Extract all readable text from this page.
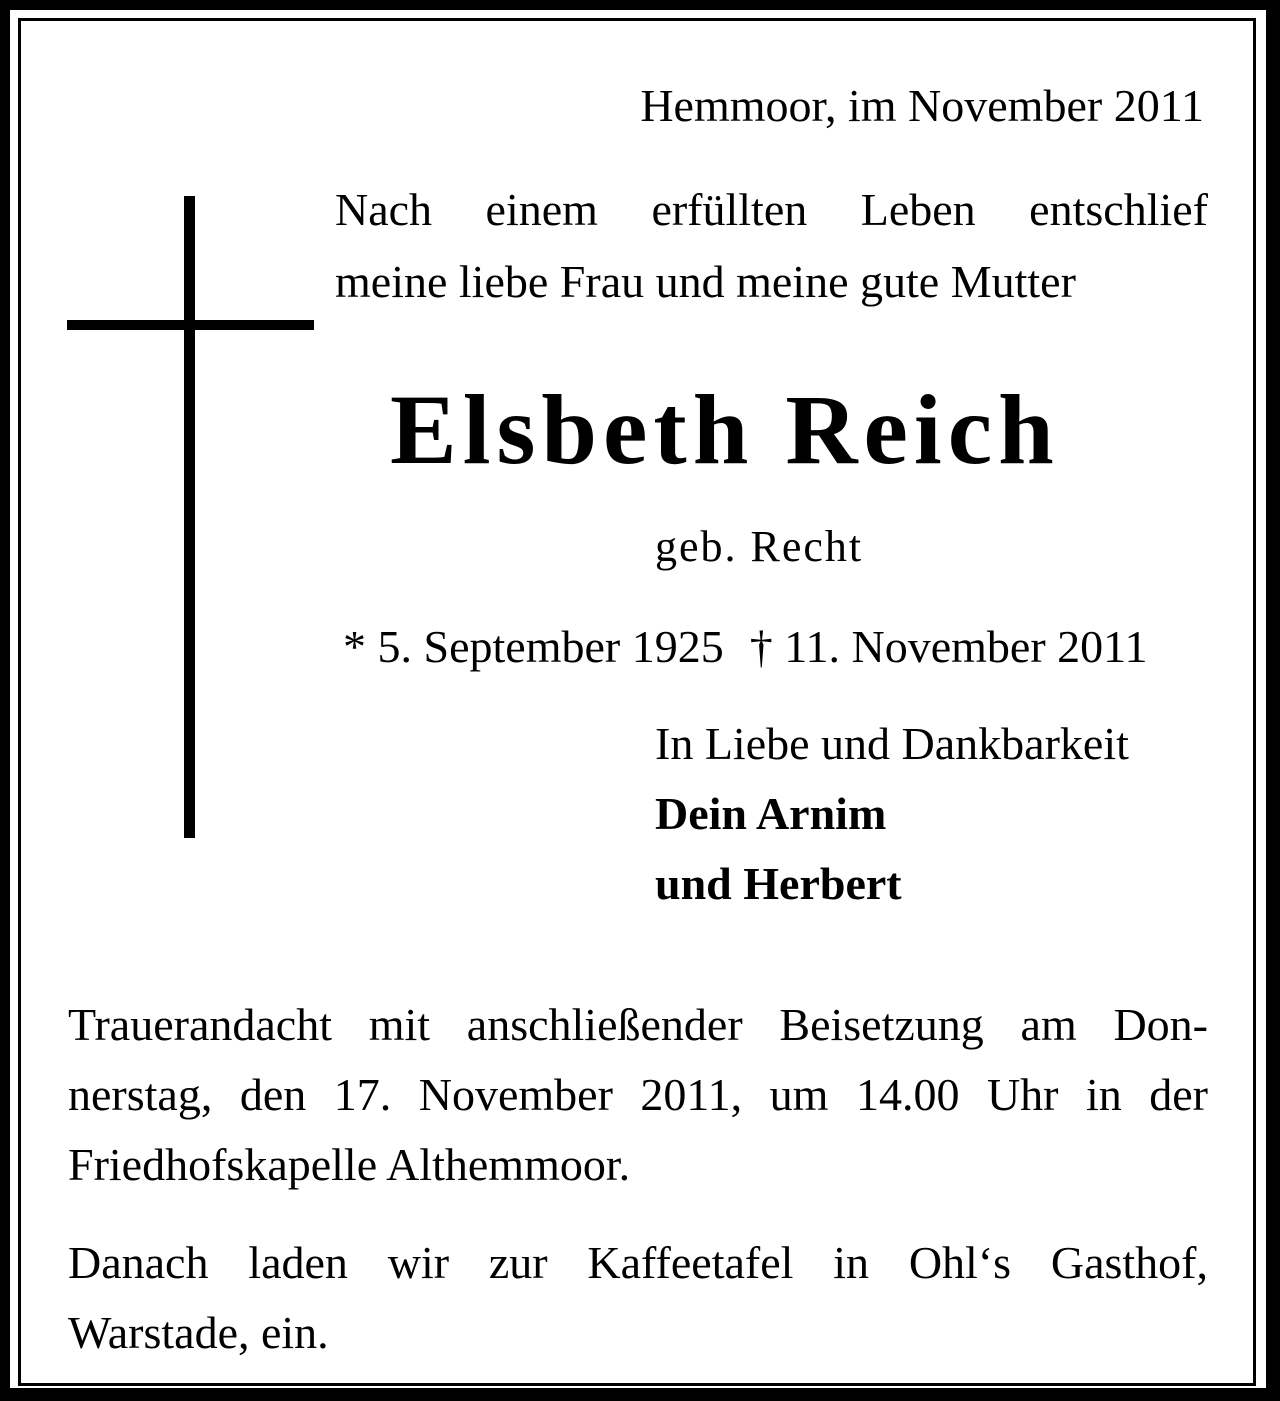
Hemmoor, im November 2011

Nach einem erfüllten Leben entschlief
meine liebe Frau und meine gute Mutter

Elsbeth Reich

geb. Recht

* 5. September 1925 † 11. November 2011

In Liebe und Dankbarkeit

Dein Arnim

und Herbert

Trauerandacht mit anschließender Beisetzung am Don-
nerstag, den 17. November 2011, um 14.00 Uhr in der
Friedhofskapelle Althemmoor.

Danach laden wir zur Kaffeetafel in Ohl‘s Gasthof,
Warstade, ein.
